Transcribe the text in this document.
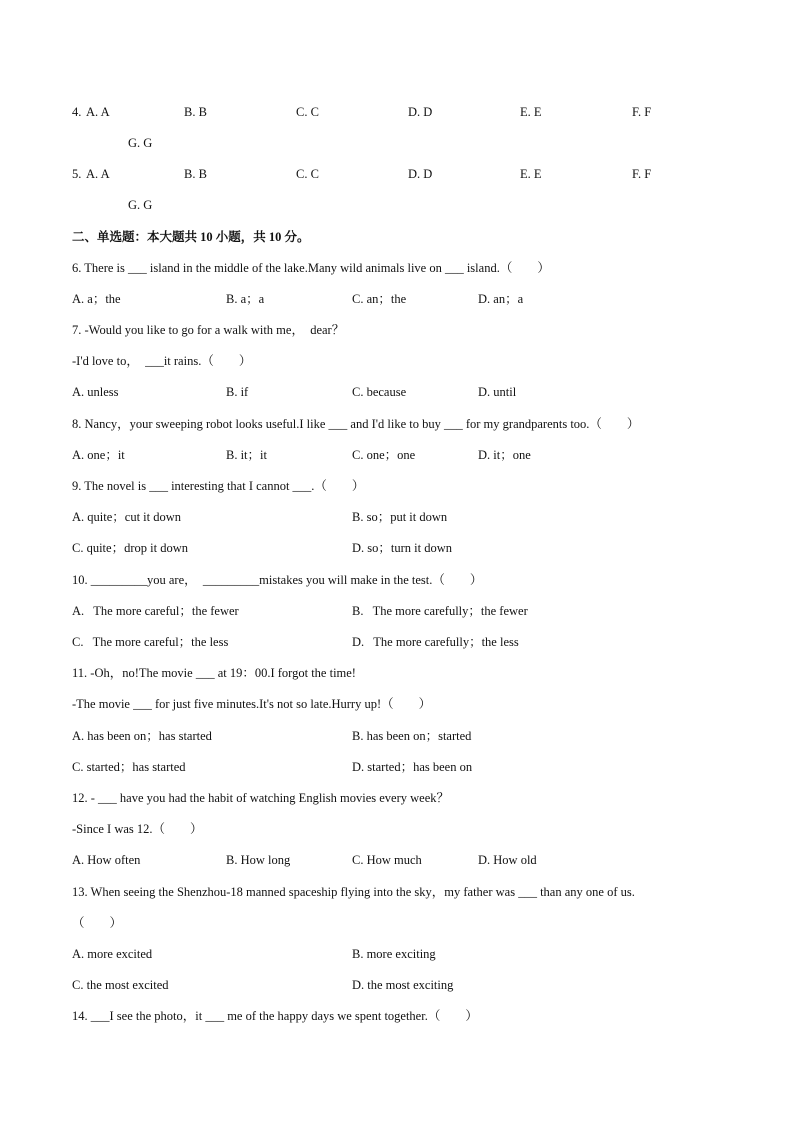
4. A. A	B. B	C. C	D. D	E. E	F. F
G. G
5. A. A	B. B	C. C	D. D	E. E	F. F
G. G
二、单选题：本大题共 10 小题，共 10 分。
6. There is ___ island in the middle of the lake.Many wild animals live on ___ island.（        ）
A. a；the	B. a；a	C. an；the	D. an；a
7. -Would you like to go for a walk with me，  dear？
-I'd love to，  ___it rains.（        ）
A. unless	B. if	C. because	D. until
8. Nancy，your sweeping robot looks useful.I like ___ and I'd like to buy ___ for my grandparents too.（        ）
A. one；it	B. it；it	C. one；one	D. it；one
9. The novel is ___ interesting that I cannot ___.（        ）
A. quite；cut it down	B. so；put it down
C. quite；drop it down	D. so；turn it down
10. _________you are，  _________mistakes you will make in the test.（        ）
A.   The more careful；the fewer	B.   The more carefully；the fewer
C.   The more careful；the less	D.   The more carefully；the less
11. -Oh，no!The movie ___ at 19：00.I forgot the time!
-The movie ___ for just five minutes.It's not so late.Hurry up!（        ）
A. has been on；has started	B. has been on；started
C. started；has started	D. started；has been on
12. - ___ have you had the habit of watching English movies every week？
-Since I was 12.（        ）
A. How often	B. How long	C. How much	D. How old
13. When seeing the Shenzhou-18 manned spaceship flying into the sky，my father was ___ than any one of us.
（        ）
A. more excited	B. more exciting
C. the most excited	D. the most exciting
14. ___I see the photo，it ___ me of the happy days we spent together.（        ）
